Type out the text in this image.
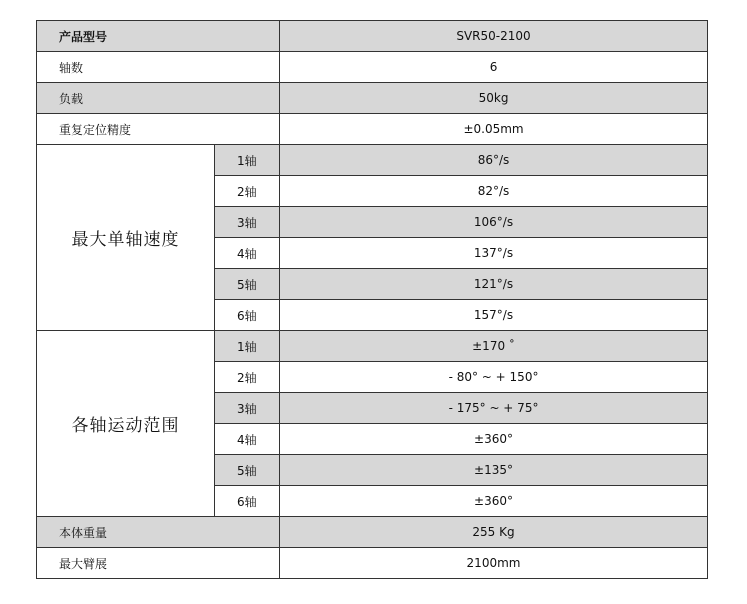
产品型号		SVR50-2100
轴数		6
负载		50kg
重复定位精度		±0.05mm
最大单轴速度	1轴	86°/s
	2轴	82°/s
	3轴	106°/s
	4轴	137°/s
	5轴	121°/s
	6轴	157°/s
各轴运动范围	1轴	±170 ˚
	2轴	- 80° ~ + 150°
	3轴	- 175° ~ + 75°
	4轴	±360°
	5轴	±135°
	6轴	±360°
本体重量		255 Kg
最大臂展		2100mm
